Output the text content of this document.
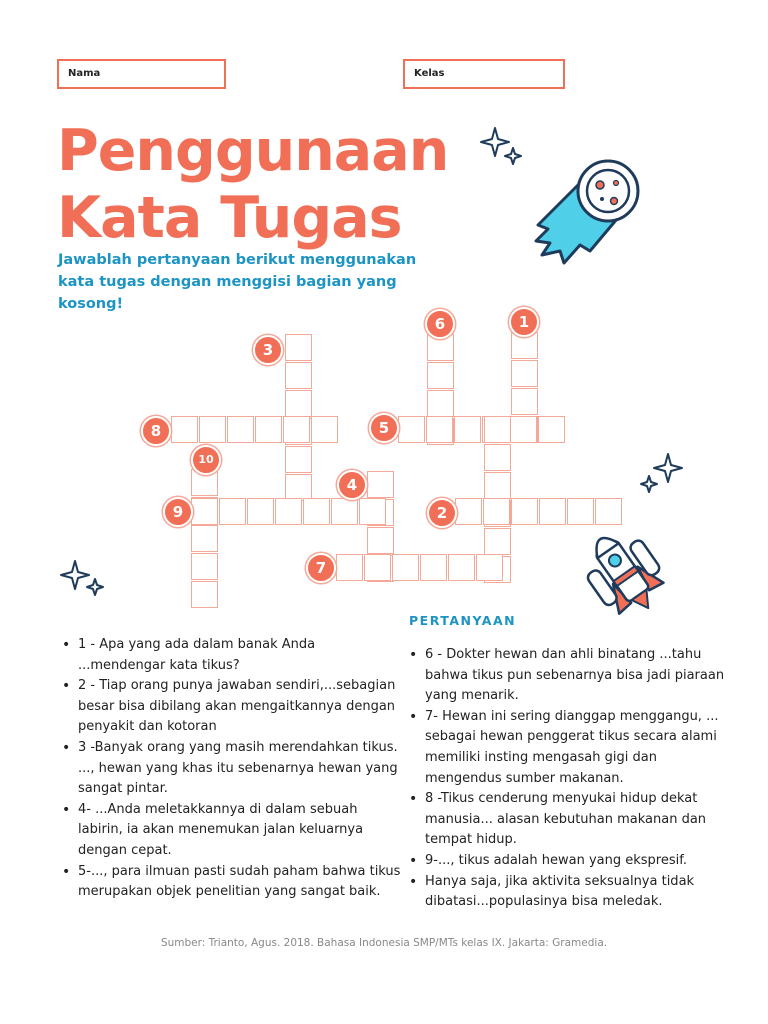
Nama	Kelas
Penggunaan
Kata Tugas
Jawablah pertanyaan berikut menggunakan kata tugas dengan menggisi bagian yang kosong!
1
2
3
4
5
6
7
8
9
10
PERTANYAAN
• 1 - Apa yang ada dalam banak Anda ...mendengar kata tikus?
• 2 - Tiap orang punya jawaban sendiri,...sebagian besar bisa dibilang akan mengaitkannya dengan penyakit dan kotoran
• 3 -Banyak orang yang masih merendahkan tikus. ..., hewan yang khas itu sebenarnya hewan yang sangat pintar.
• 4- ...Anda meletakkannya di dalam sebuah labirin, ia akan menemukan jalan keluarnya dengan cepat.
• 5-..., para ilmuan pasti sudah paham bahwa tikus merupakan objek penelitian yang sangat baik.
• 6 - Dokter hewan dan ahli binatang ...tahu bahwa tikus pun sebenarnya bisa jadi piaraan yang menarik.
• 7- Hewan ini sering dianggap menggangu, ... sebagai hewan penggerat tikus secara alami memiliki insting mengasah gigi dan mengendus sumber makanan.
• 8 -Tikus cenderung menyukai hidup dekat manusia... alasan kebutuhan makanan dan tempat hidup.
• 9-..., tikus adalah hewan yang ekspresif.
• Hanya saja, jika aktivita seksualnya tidak dibatasi...populasinya bisa meledak.
Sumber: Trianto, Agus. 2018. Bahasa Indonesia SMP/MTs kelas IX. Jakarta: Gramedia.
